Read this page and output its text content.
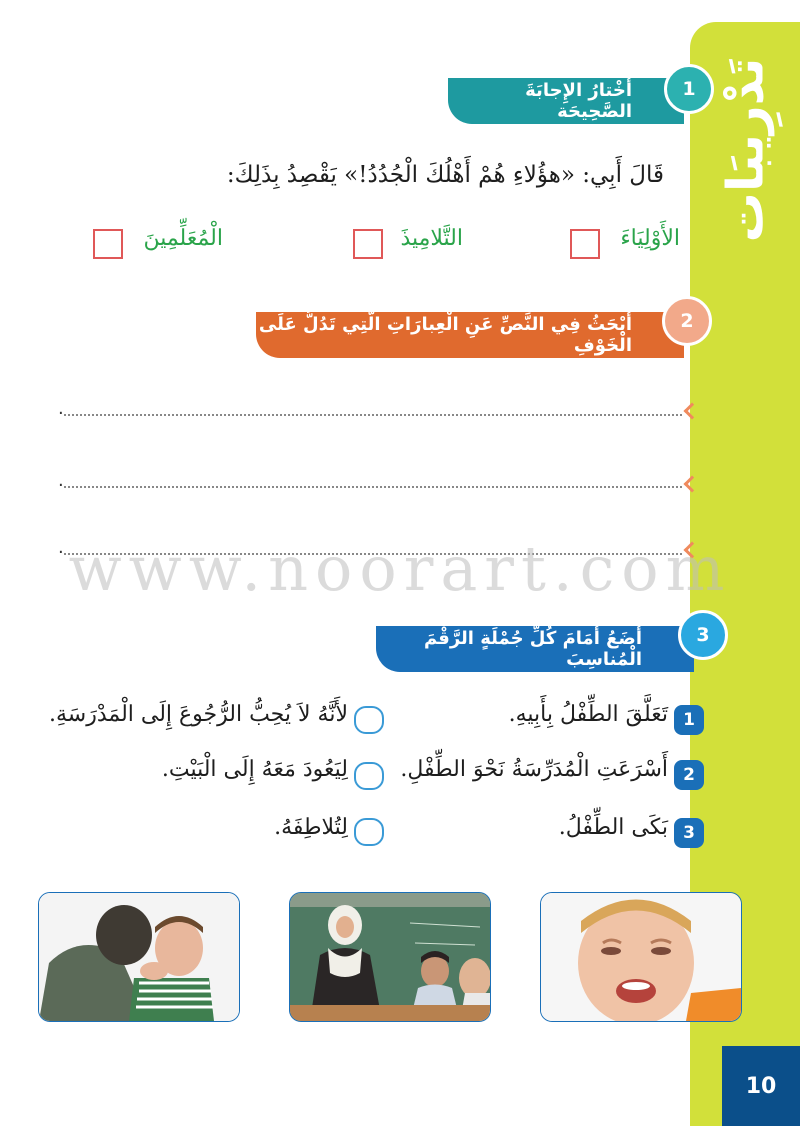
تَدْرِيبَات
10
أَخْتارُ الإِجابَةَ الصَّحِيحَة
1
قَالَ أَبِي: «هؤُلاءِ هُمْ أَهْلُكَ الْجُدُدُ!» يَقْصِدُ بِذَلِكَ:
الأَوْلِيَاءَ
التَّلامِيذَ
الْمُعَلِّمِينَ
أَبْحَثُ فِي النَّصِّ عَنِ الْعِبارَاتِ الَّتِي تَدُلُّ عَلَى الْخَوْفِ
2
.
.
. www.noorart.com
أَضَعُ أَمَامَ كُلِّ جُمْلَةٍ الرَّقْمَ الْمُناسِبَ
3
1
تَعَلَّقَ الطِّفْلُ بِأَبِيهِ.
2
أَسْرَعَتِ الْمُدَرِّسَةُ نَحْوَ الطِّفْلِ.
3
بَكَى الطِّفْلُ.
لأَنَّهُ لاَ يُحِبُّ الرُّجُوعَ إِلَى الْمَدْرَسَةِ.
لِيَعُودَ مَعَهُ إِلَى الْبَيْتِ.
لِتُلاطِفَهُ.
